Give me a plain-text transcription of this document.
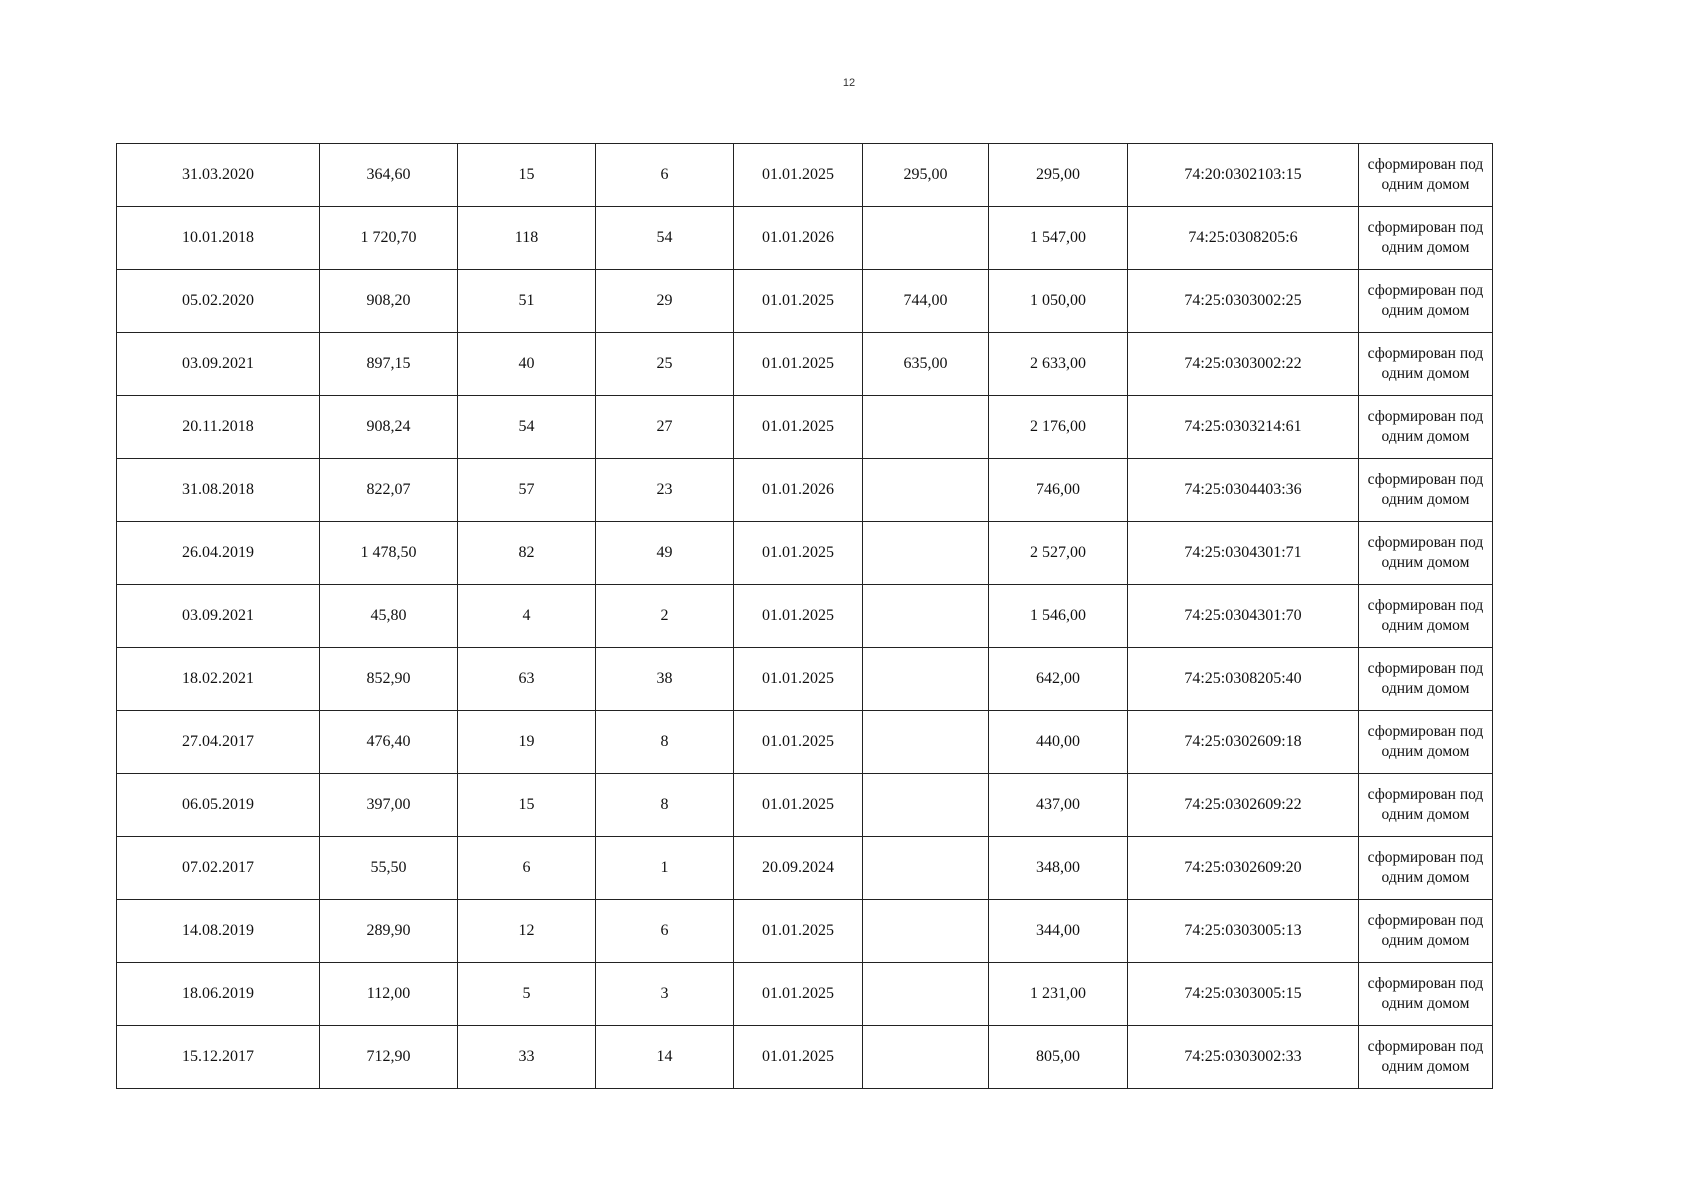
12
31.03.2020	364,60	15	6	01.01.2025	295,00	295,00	74:20:0302103:15	сформирован под одним домом
10.01.2018	1 720,70	118	54	01.01.2026		1 547,00	74:25:0308205:6	сформирован под одним домом
05.02.2020	908,20	51	29	01.01.2025	744,00	1 050,00	74:25:0303002:25	сформирован под одним домом
03.09.2021	897,15	40	25	01.01.2025	635,00	2 633,00	74:25:0303002:22	сформирован под одним домом
20.11.2018	908,24	54	27	01.01.2025		2 176,00	74:25:0303214:61	сформирован под одним домом
31.08.2018	822,07	57	23	01.01.2026		746,00	74:25:0304403:36	сформирован под одним домом
26.04.2019	1 478,50	82	49	01.01.2025		2 527,00	74:25:0304301:71	сформирован под одним домом
03.09.2021	45,80	4	2	01.01.2025		1 546,00	74:25:0304301:70	сформирован под одним домом
18.02.2021	852,90	63	38	01.01.2025		642,00	74:25:0308205:40	сформирован под одним домом
27.04.2017	476,40	19	8	01.01.2025		440,00	74:25:0302609:18	сформирован под одним домом
06.05.2019	397,00	15	8	01.01.2025		437,00	74:25:0302609:22	сформирован под одним домом
07.02.2017	55,50	6	1	20.09.2024		348,00	74:25:0302609:20	сформирован под одним домом
14.08.2019	289,90	12	6	01.01.2025		344,00	74:25:0303005:13	сформирован под одним домом
18.06.2019	112,00	5	3	01.01.2025		1 231,00	74:25:0303005:15	сформирован под одним домом
15.12.2017	712,90	33	14	01.01.2025		805,00	74:25:0303002:33	сформирован под одним домом
